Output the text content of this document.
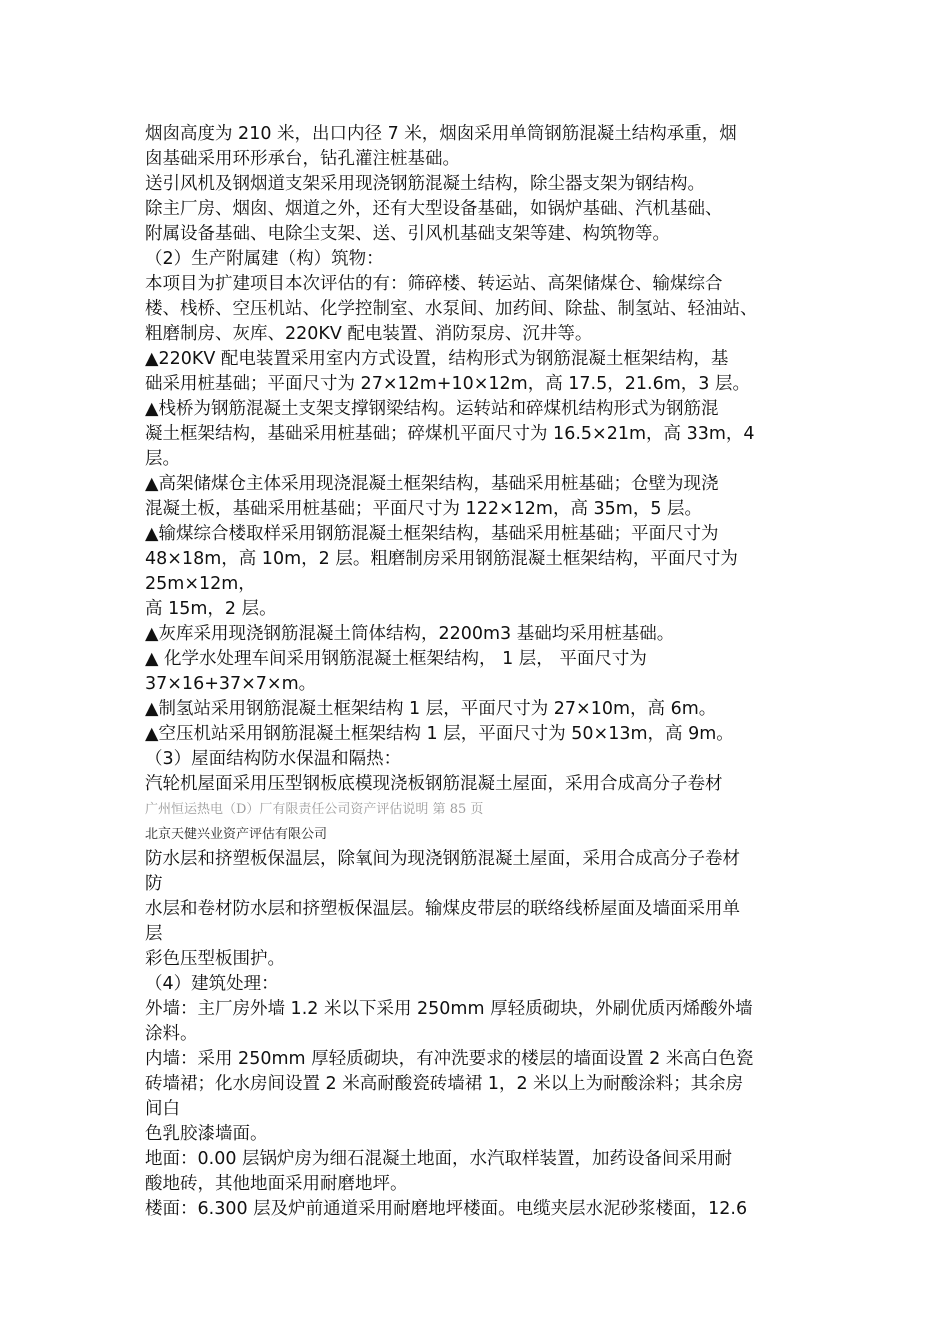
烟囱高度为 210 米，出口内径 7 米，烟囱采用单筒钢筋混凝土结构承重，烟
囱基础采用环形承台，钻孔灌注桩基础。
送引风机及钢烟道支架采用现浇钢筋混凝土结构，除尘器支架为钢结构。
除主厂房、烟囱、烟道之外，还有大型设备基础，如锅炉基础、汽机基础、
附属设备基础、电除尘支架、送、引风机基础支架等建、构筑物等。
（2）生产附属建（构）筑物：
本项目为扩建项目本次评估的有：筛碎楼、转运站、高架储煤仓、输煤综合
楼、栈桥、空压机站、化学控制室、水泵间、加药间、除盐、制氢站、轻油站、
粗磨制房、灰库、220KV 配电装置、消防泵房、沉井等。
▲220KV 配电装置采用室内方式设置，结构形式为钢筋混凝土框架结构，基
础采用桩基础；平面尺寸为 27×12m+10×12m，高 17.5，21.6m，3 层。
▲栈桥为钢筋混凝土支架支撑钢梁结构。运转站和碎煤机结构形式为钢筋混
凝土框架结构，基础采用桩基础；碎煤机平面尺寸为 16.5×21m，高 33m，4
层。
▲高架储煤仓主体采用现浇混凝土框架结构，基础采用桩基础；仓壁为现浇
混凝土板，基础采用桩基础；平面尺寸为 122×12m，高 35m，5 层。
▲输煤综合楼取样采用钢筋混凝土框架结构，基础采用桩基础；平面尺寸为
48×18m，高 10m，2 层。粗磨制房采用钢筋混凝土框架结构，平面尺寸为
25m×12m，
高 15m，2 层。
▲灰库采用现浇钢筋混凝土筒体结构，2200m3 基础均采用桩基础。
▲ 化学水处理车间采用钢筋混凝土框架结构， 1 层， 平面尺寸为
37×16+37×7×m。
▲制氢站采用钢筋混凝土框架结构 1 层，平面尺寸为 27×10m，高 6m。
▲空压机站采用钢筋混凝土框架结构 1 层，平面尺寸为 50×13m，高 9m。
（3）屋面结构防水保温和隔热：
汽轮机屋面采用压型钢板底模现浇板钢筋混凝土屋面，采用合成高分子卷材
广州恒运热电（D）厂有限责任公司资产评估说明 第 85 页
北京天健兴业资产评估有限公司
防水层和挤塑板保温层，除氧间为现浇钢筋混凝土屋面，采用合成高分子卷材
防
水层和卷材防水层和挤塑板保温层。输煤皮带层的联络线桥屋面及墙面采用单
层
彩色压型板围护。
（4）建筑处理：
外墙：主厂房外墙 1.2 米以下采用 250mm 厚轻质砌块，外刷优质丙烯酸外墙
涂料。
内墙：采用 250mm 厚轻质砌块，有冲洗要求的楼层的墙面设置 2 米高白色瓷
砖墙裙；化水房间设置 2 米高耐酸瓷砖墙裙 1，2 米以上为耐酸涂料；其余房
间白
色乳胶漆墙面。
地面：0.00 层锅炉房为细石混凝土地面，水汽取样装置，加药设备间采用耐
酸地砖，其他地面采用耐磨地坪。
楼面：6.300 层及炉前通道采用耐磨地坪楼面。电缆夹层水泥砂浆楼面，12.6
